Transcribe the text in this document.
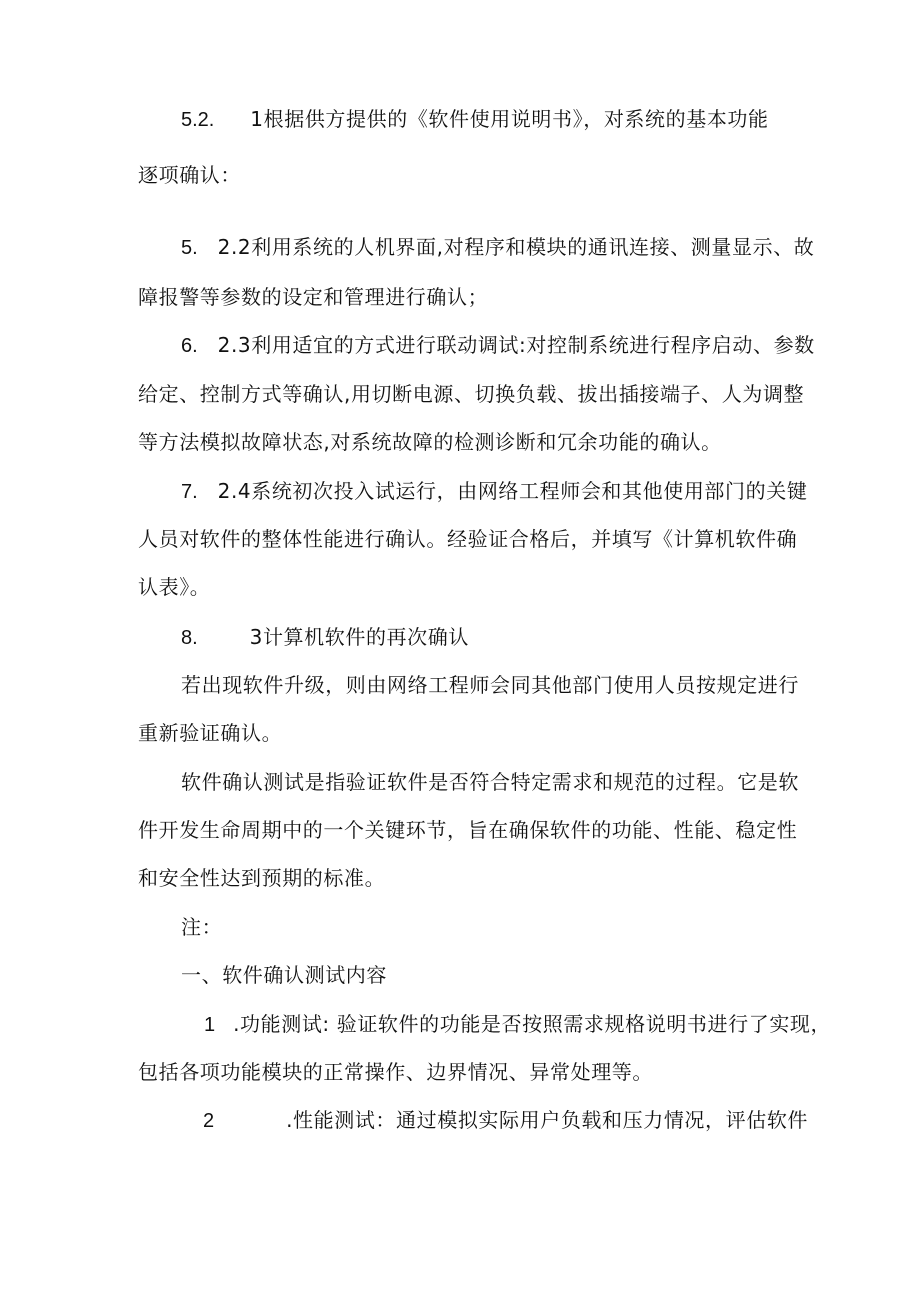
5.2. 1根据供方提供的《软件使用说明书》，对系统的基本功能
逐项确认：
5. 2.2利用系统的人机界面,对程序和模块的通讯连接、测量显示、故
障报警等参数的设定和管理进行确认；
6. 2.3利用适宜的方式进行联动调试:对控制系统进行程序启动、参数
给定、控制方式等确认,用切断电源、切换负载、拔出插接端子、人为调整
等方法模拟故障状态,对系统故障的检测诊断和冗余功能的确认。
7. 2.4系统初次投入试运行，由网络工程师会和其他使用部门的关键
人员对软件的整体性能进行确认。经验证合格后，并填写《计算机软件确
认表》。
8.	3计算机软件的再次确认
若出现软件升级，则由网络工程师会同其他部门使用人员按规定进行
重新验证确认。
软件确认测试是指验证软件是否符合特定需求和规范的过程。它是软
件开发生命周期中的一个关键环节，旨在确保软件的功能、性能、稳定性
和安全性达到预期的标准。
注：
一、软件确认测试内容
1 .功能测试: 验证软件的功能是否按照需求规格说明书进行了实现，
包括各项功能模块的正常操作、边界情况、异常处理等。
2	.性能测试：通过模拟实际用户负载和压力情况，评估软件
